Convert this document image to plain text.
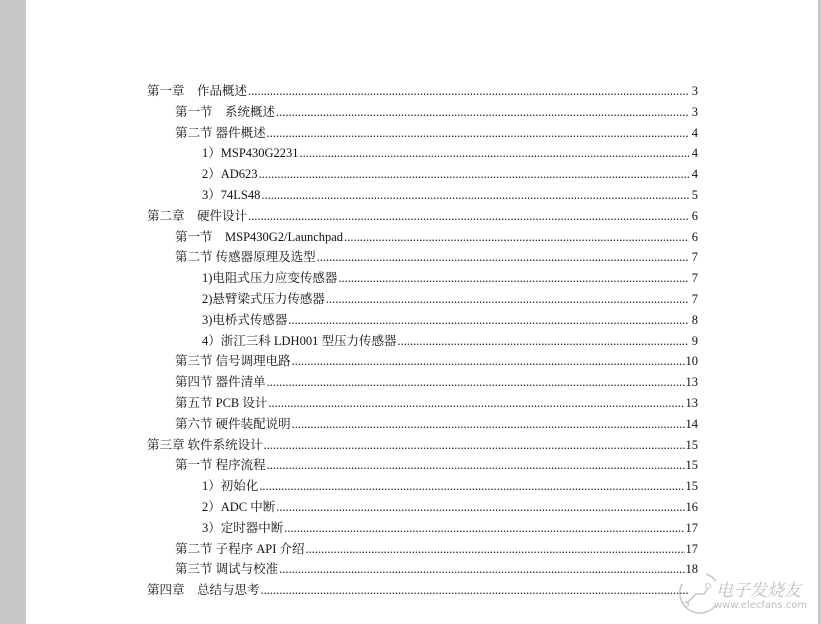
第一章　作品概述 .....	3
第一节　系统概述 .....	3
第二节 器件概述 .....	4
1）MSP430G2231 .....	4
2）AD623 .....	4
3）74LS48 .....	5
第二章　硬件设计 .....	6
第一节　MSP430G2/Launchpad .....	6
第二节 传感器原理及选型 .....	7
1)电阻式压力应变传感器 .....	7
2)悬臂梁式压力传感器 .....	7
3)电桥式传感器 .....	8
4）浙江三科 LDH001 型压力传感器 .....	9
第三节 信号调理电路 .....	10
第四节 器件清单 .....	13
第五节 PCB 设计 .....	13
第六节 硬件装配说明 .....	14
第三章 软件系统设计 .....	15
第一节 程序流程 .....	15
1）初始化 .....	15
2）ADC 中断 .....	16
3）定时器中断 .....	17
第二节 子程序 API 介绍 .....	17
第三节 调试与校准 .....	18
第四章　总结与思考 .....	电子发烧友
www.elecfans.com
